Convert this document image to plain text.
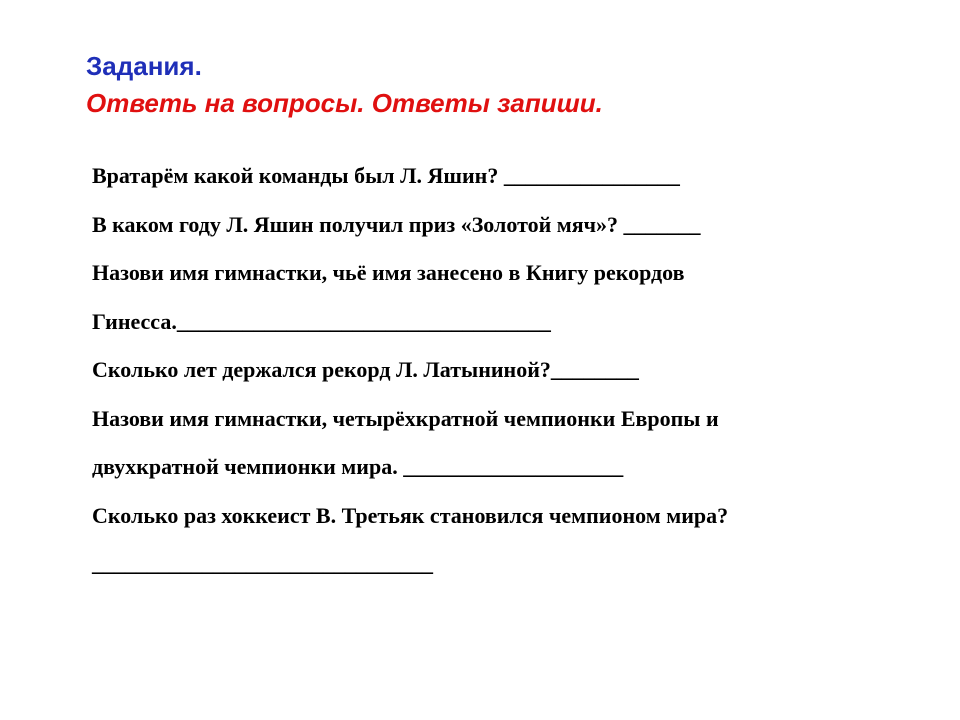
Задания.

Ответь на вопросы. Ответы запиши.

Вратарём какой команды был Л. Яшин? ________________
В каком году Л. Яшин получил приз «Золотой мяч»? _______
Назови имя гимнастки, чьё имя занесено в Книгу рекордов
Гинесса.__________________________________
Сколько лет держался рекорд Л. Латыниной?________
Назови имя гимнастки, четырёхкратной чемпионки Европы и
двухкратной чемпионки мира. ____________________
Сколько раз хоккеист В. Третьяк становился чемпионом мира?
_______________________________
